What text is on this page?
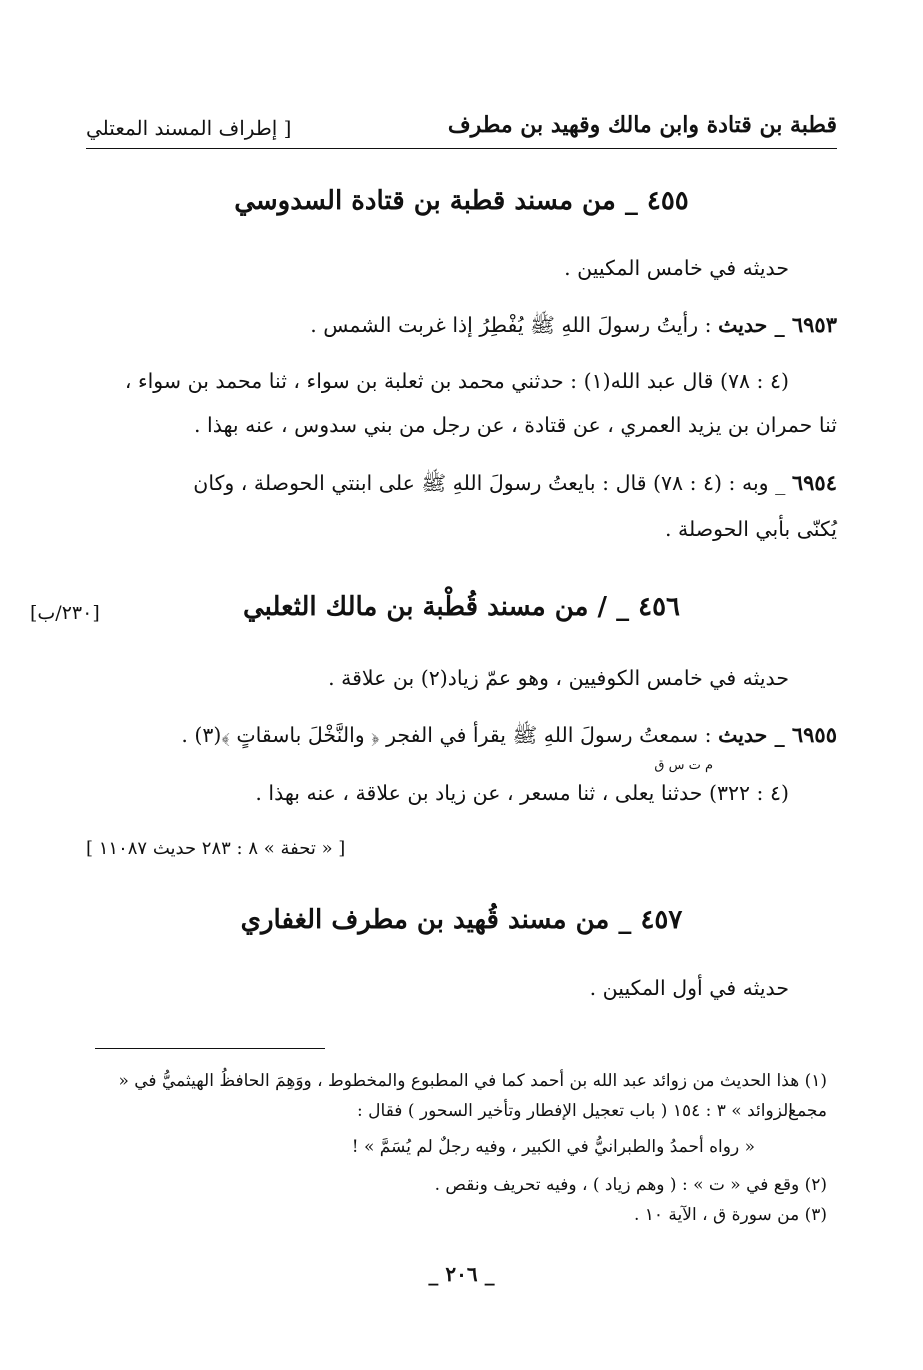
قطبة بن قتادة وابن مالك وقهيد بن مطرف
[ إطراف المسند المعتلي
٤٥٥ _ من مسند قطبة بن قتادة السدوسي
حديثه في خامس المكيين .
٦٩٥٣ _ حديث : رأيتُ رسولَ اللهِ ﷺ يُفْطِرُ إذا غربت الشمس .
(٤ : ٧٨) قال عبد الله(١) : حدثني محمد بن ثعلبة بن سواء ، ثنا محمد بن سواء ،
ثنا حمران بن يزيد العمري ، عن قتادة ، عن رجل من بني سدوس ، عنه بهذا .
٦٩٥٤ _ وبه : (٤ : ٧٨) قال : بايعتُ رسولَ اللهِ ﷺ على ابنتي الحوصلة ، وكان
يُكنّى بأبي الحوصلة .
٤٥٦ _ / من مسند قُطْبة بن مالك الثعلبي
[٢٣٠/ب]
حديثه في خامس الكوفيين ، وهو عمّ زياد(٢) بن علاقة .
٦٩٥٥ _ حديث : سمعتُ رسولَ اللهِ ﷺ يقرأ في الفجر ﴿ والنَّخْلَ باسقاتٍ ﴾(٣) .
م ت س ق
(٤ : ٣٢٢) حدثنا يعلى ، ثنا مسعر ، عن زياد بن علاقة ، عنه بهذا .
[ « تحفة » ٨ : ٢٨٣ حديث ١١٠٨٧ ]
٤٥٧ _ من مسند قُهيد بن مطرف الغفاري
حديثه في أول المكيين .
(١) هذا الحديث من زوائد عبد الله بن أحمد كما في المطبوع والمخطوط ، ووَهِمَ الحافظُ الهيثميُّ في « مجمع
الزوائد » ٣ : ١٥٤ ( باب تعجيل الإفطار وتأخير السحور ) فقال :
« رواه أحمدُ والطبرانيُّ في الكبير ، وفيه رجلٌ لم يُسَمَّ » !
(٢) وقع في « ت » : ( وهم زياد ) ، وفيه تحريف ونقص .
(٣) من سورة ق ، الآية ١٠ .
_ ٢٠٦ _
